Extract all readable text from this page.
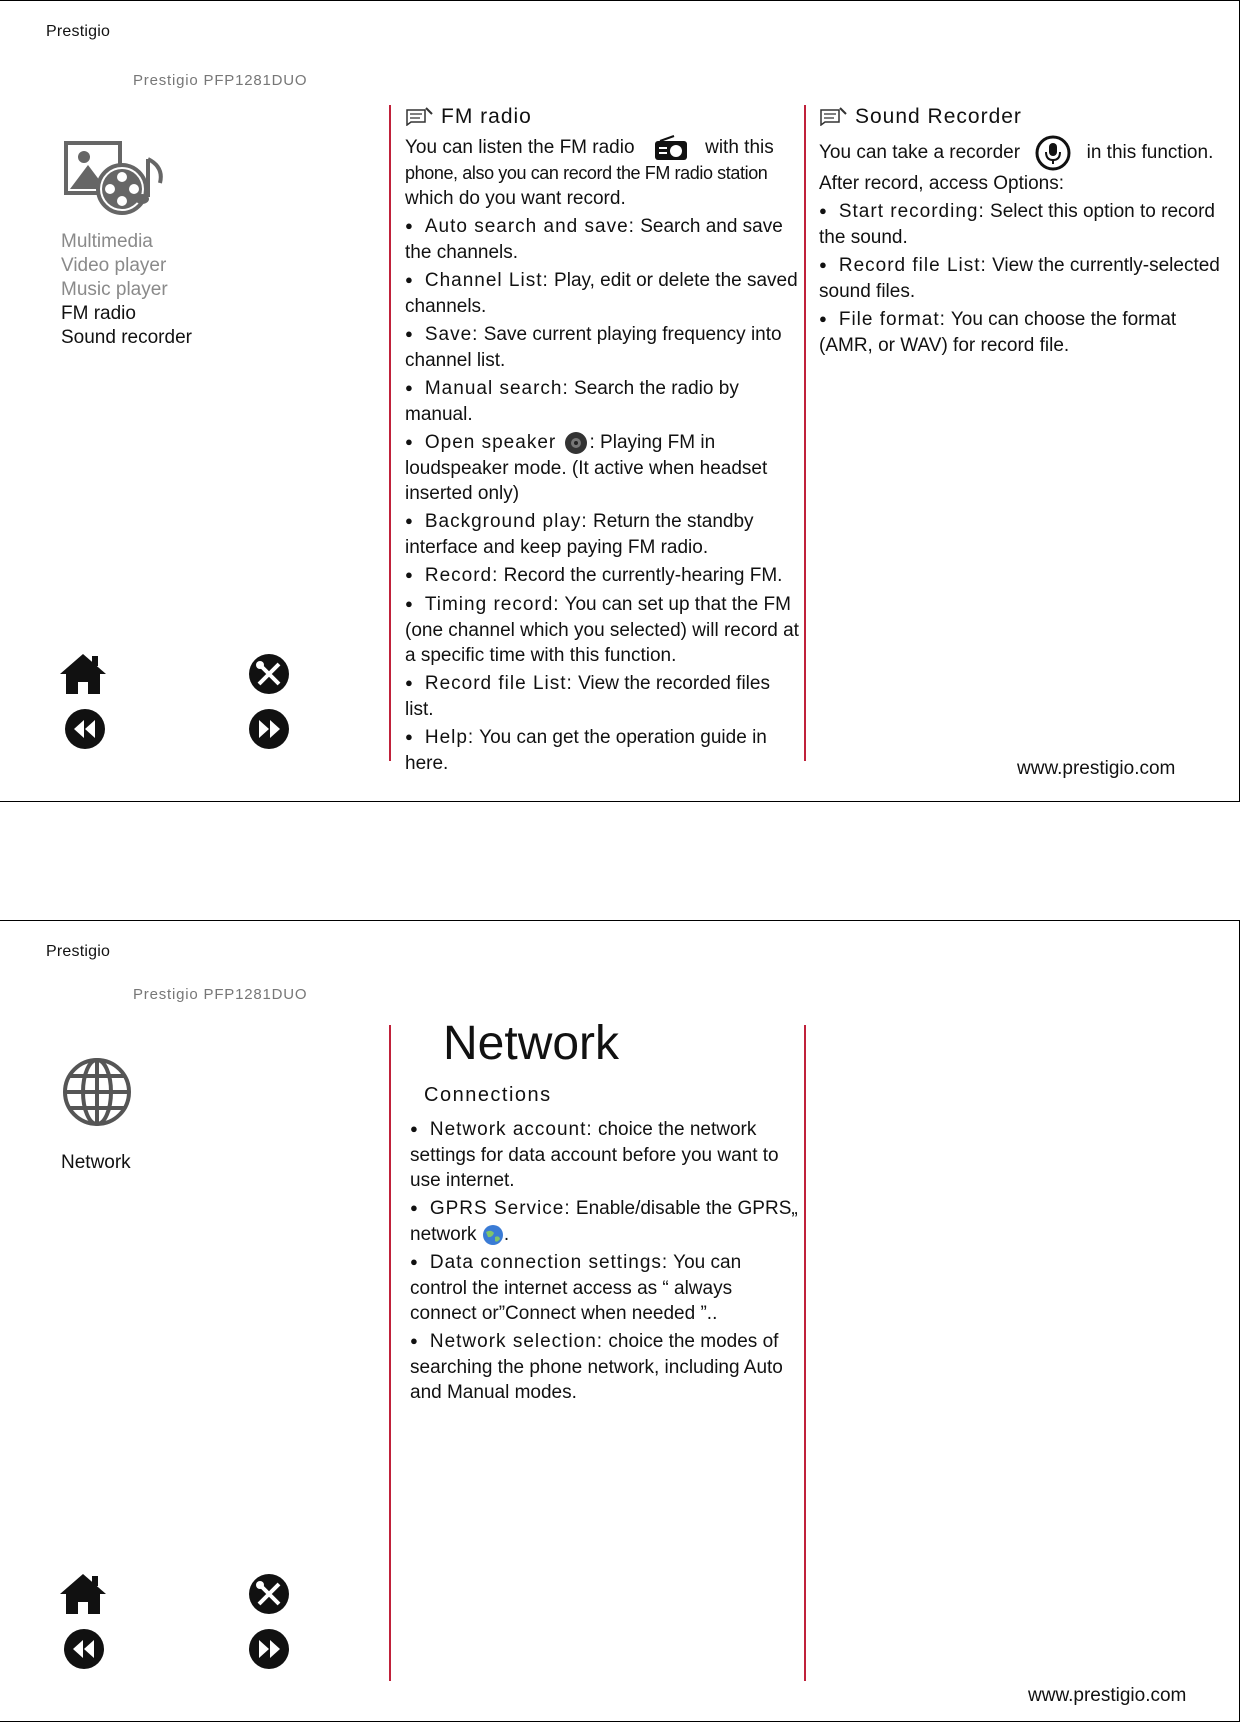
Prestigio
Prestigio PFP1281DUO
Multimedia
Video player
Music player
FM radio
Sound recorder
FM radio

You can listen the FM radio	with this
phone, also you can record the FM radio station
which do you want record.

● Auto search and save: Search and save the channels.

● Channel List: Play, edit or delete the saved channels.

● Save: Save current playing frequency into channel list.

● Manual search: Search the radio by manual.

● Open speaker : Playing FM in loudspeaker mode. (It active when headset inserted only)

● Background play: Return the standby interface and keep paying FM radio.

● Record: Record the currently-hearing FM.

● Timing record: You can set up that the FM (one channel which you selected) will record at a specific time with this function.

● Record file List: View the recorded files list.

● Help: You can get the operation guide in here.

Sound Recorder

You can take a recorder	in this function.
After record, access Options:

● Start recording: Select this option to record the sound.

● Record file List: View the currently-selected sound files.

● File format: You can choose the format (AMR, or WAV) for record file.

www.prestigio.com
Prestigio
Prestigio PFP1281DUO
Network
Network
Connections

● Network account: choice the network settings for data account before you want to use internet.

● GPRS Service: Enable/disable the GPRS„ network .

● Data connection settings: You can control the internet access as “ always connect or”Connect when needed ”..

● Network selection: choice the modes of searching the phone network, including Auto and Manual modes.

www.prestigio.com
